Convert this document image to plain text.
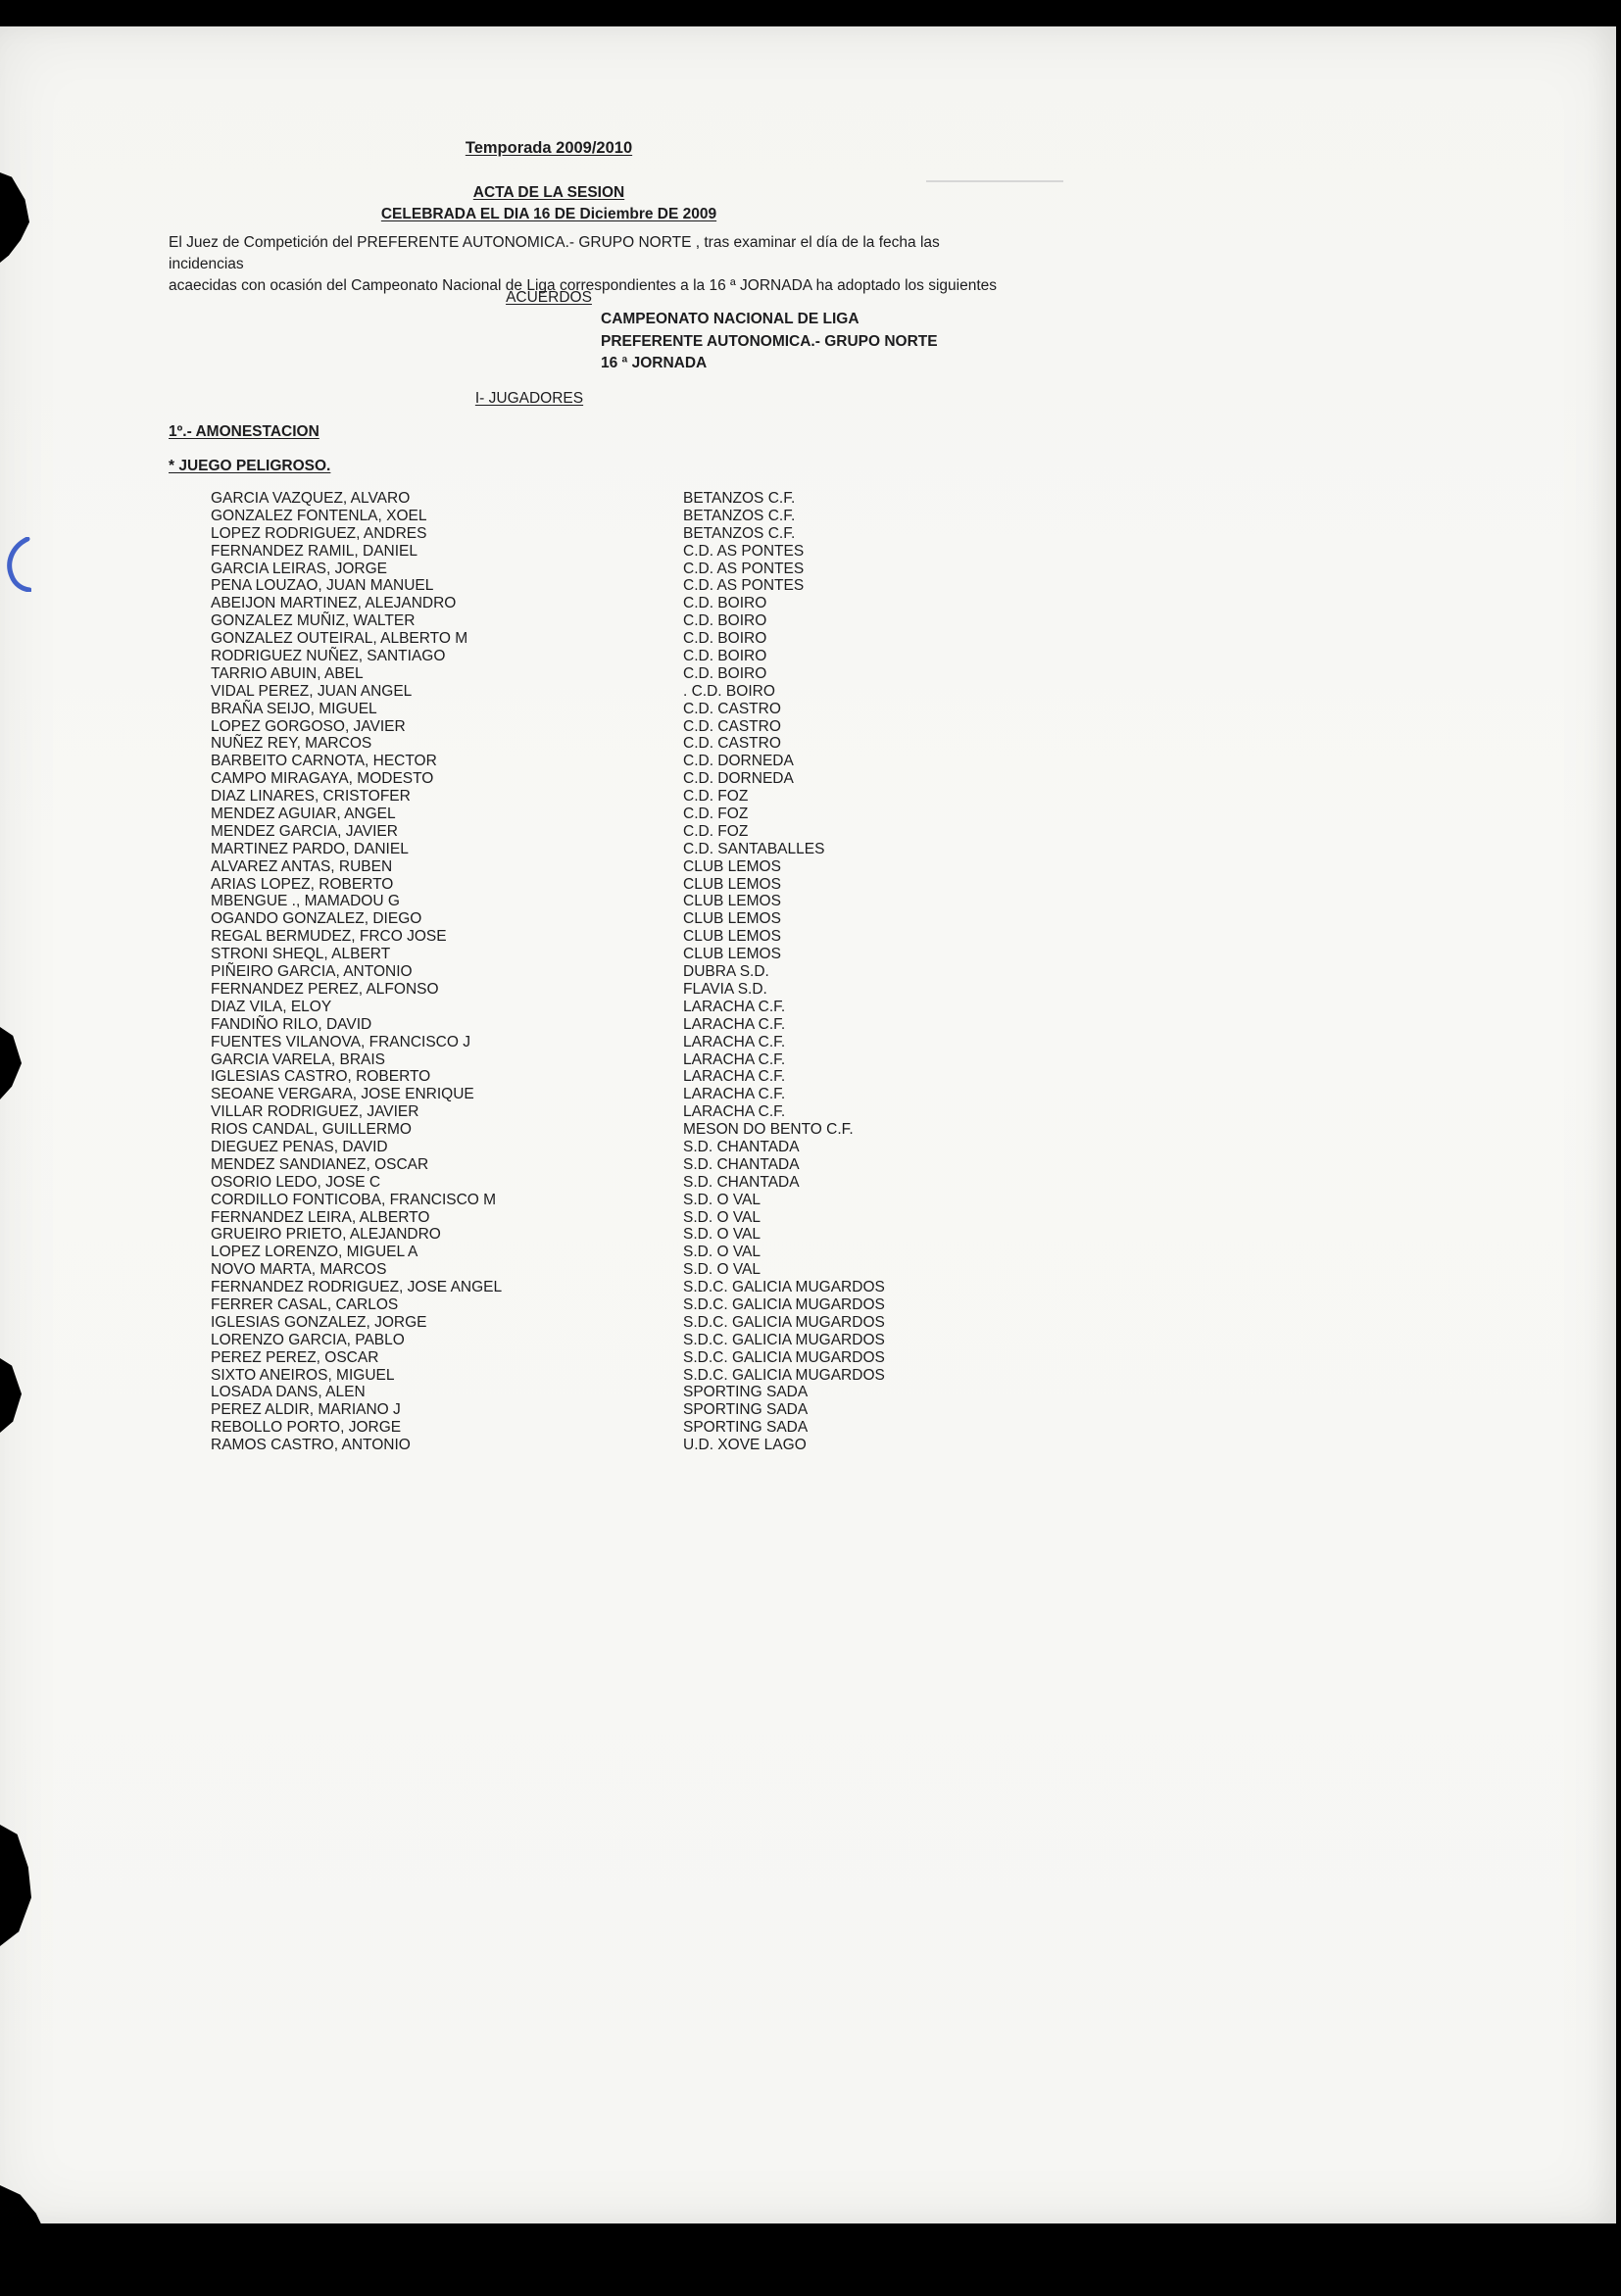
Temporada 2009/2010
ACTA DE LA SESION
CELEBRADA EL DIA 16 DE Diciembre DE 2009
El Juez de Competición del PREFERENTE AUTONOMICA.- GRUPO NORTE , tras examinar el día de la fecha las incidencias
acaecidas con ocasión del Campeonato Nacional de Liga correspondientes a la 16 ª JORNADA ha adoptado los siguientes
ACUERDOS
CAMPEONATO NACIONAL DE LIGA
PREFERENTE AUTONOMICA.- GRUPO NORTE
16 ª JORNADA
I- JUGADORES
1º.- AMONESTACION
* JUEGO PELIGROSO.
GARCIA VAZQUEZ, ALVARO	BETANZOS C.F.
GONZALEZ FONTENLA, XOEL	BETANZOS C.F.
LOPEZ RODRIGUEZ, ANDRES	BETANZOS C.F.
FERNANDEZ RAMIL, DANIEL	C.D. AS PONTES
GARCIA LEIRAS, JORGE	C.D. AS PONTES
PENA LOUZAO, JUAN MANUEL	C.D. AS PONTES
ABEIJON MARTINEZ, ALEJANDRO	C.D. BOIRO
GONZALEZ MUÑIZ, WALTER	C.D. BOIRO
GONZALEZ OUTEIRAL, ALBERTO M	C.D. BOIRO
RODRIGUEZ NUÑEZ, SANTIAGO	C.D. BOIRO
TARRIO ABUIN, ABEL	C.D. BOIRO
VIDAL PEREZ, JUAN ANGEL	. C.D. BOIRO
BRAÑA SEIJO, MIGUEL	C.D. CASTRO
LOPEZ GORGOSO, JAVIER	C.D. CASTRO
NUÑEZ REY, MARCOS	C.D. CASTRO
BARBEITO CARNOTA, HECTOR	C.D. DORNEDA
CAMPO MIRAGAYA, MODESTO	C.D. DORNEDA
DIAZ LINARES, CRISTOFER	C.D. FOZ
MENDEZ AGUIAR, ANGEL	C.D. FOZ
MENDEZ GARCIA, JAVIER	C.D. FOZ
MARTINEZ PARDO, DANIEL	C.D. SANTABALLES
ALVAREZ ANTAS, RUBEN	CLUB LEMOS
ARIAS LOPEZ, ROBERTO	CLUB LEMOS
MBENGUE ., MAMADOU G	CLUB LEMOS
OGANDO GONZALEZ, DIEGO	CLUB LEMOS
REGAL BERMUDEZ, FRCO JOSE	CLUB LEMOS
STRONI SHEQL, ALBERT	CLUB LEMOS
PIÑEIRO GARCIA, ANTONIO	DUBRA S.D.
FERNANDEZ PEREZ, ALFONSO	FLAVIA S.D.
DIAZ VILA, ELOY	LARACHA C.F.
FANDIÑO RILO, DAVID	LARACHA C.F.
FUENTES VILANOVA, FRANCISCO J	LARACHA C.F.
GARCIA VARELA, BRAIS	LARACHA C.F.
IGLESIAS CASTRO, ROBERTO	LARACHA C.F.
SEOANE VERGARA, JOSE ENRIQUE	LARACHA C.F.
VILLAR RODRIGUEZ, JAVIER	LARACHA C.F.
RIOS CANDAL, GUILLERMO	MESON DO BENTO C.F.
DIEGUEZ PENAS, DAVID	S.D. CHANTADA
MENDEZ SANDIANEZ, OSCAR	S.D. CHANTADA
OSORIO LEDO, JOSE C	S.D. CHANTADA
CORDILLO FONTICOBA, FRANCISCO M	S.D. O VAL
FERNANDEZ LEIRA, ALBERTO	S.D. O VAL
GRUEIRO PRIETO, ALEJANDRO	S.D. O VAL
LOPEZ LORENZO, MIGUEL A	S.D. O VAL
NOVO MARTA, MARCOS	S.D. O VAL
FERNANDEZ RODRIGUEZ, JOSE ANGEL	S.D.C. GALICIA MUGARDOS
FERRER CASAL, CARLOS	S.D.C. GALICIA MUGARDOS
IGLESIAS GONZALEZ, JORGE	S.D.C. GALICIA MUGARDOS
LORENZO GARCIA, PABLO	S.D.C. GALICIA MUGARDOS
PEREZ PEREZ, OSCAR	S.D.C. GALICIA MUGARDOS
SIXTO ANEIROS, MIGUEL	S.D.C. GALICIA MUGARDOS
LOSADA DANS, ALEN	SPORTING SADA
PEREZ ALDIR, MARIANO J	SPORTING SADA
REBOLLO PORTO, JORGE	SPORTING SADA
RAMOS CASTRO, ANTONIO	U.D. XOVE LAGO
